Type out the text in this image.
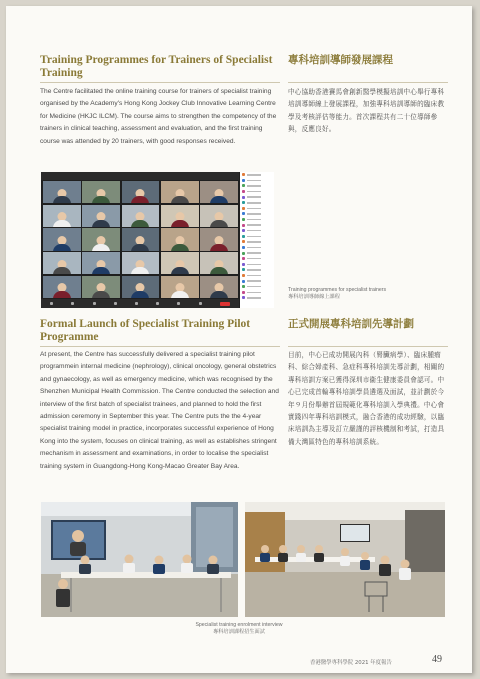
Training Programmes for Trainers of Specialist Training
專科培訓導師發展課程

The Centre facilitated the online training course for trainers of specialist training organised by the Academy's Hong Kong Jockey Club Innovative Learning Centre for Medicine (HKJC ILCM). The course aims to strengthen the competency of the trainers in clinical teaching, assessment and evaluation, and the first training course was attended by 20 trainers, with good responses received.

中心協助香港賽馬會創新醫學模擬培訓中心舉行專科培訓導師線上發展課程，加強專科培訓導師的臨床教學及考核評估等能力。首次課程共有二十位導師參與，反應良好。

Training programmes for specialist trainers
專科培訓導師線上課程
Formal Launch of Specialist Training Pilot Programme
正式開展專科培訓先導計劃

At present, the Centre has successfully delivered a specialist training pilot programmein internal medicine (nephrology), clinical oncology, general obstetrics and gynaecology, as well as emergency medicine, which was recognised by the Shenzhen Municipal Health Commission. The Centre conducted the selection and interview of the first batch of specialist trainees, and planned to hold the first admission ceremony in September this year. The Centre puts the the 4-year specialist training model in practice, incorporates successful experience of Hong Kong into the system, focuses on clinical training, as well as establishes stringent mechanism in assessment and examinations, in order to localise the specialist training system in Guangdong-Hong Kong-Macao Greater Bay Area.

目前，中心已成功開展內科（腎臟病學）、臨床腫瘤科、綜合婦產科、急症科專科培訓先導計劃，相關的專科培訓方案已獲得深圳市衞生健康委員會認可。中心已完成首輪專科培訓學員遴選及面試，並計劃於今年９月份舉辦首屆規範化專科培訓入學典禮。中心會實踐四年專科培訓模式，融合香港的成功經驗，以臨床培訓為主導及訂立嚴謹的評核機制和考試，打造具備大灣區特色的專科培訓系統。

Specialist training enrolment interview
專科培訓課程招生面試
香港醫學專科學院 2021 年度報告	49
